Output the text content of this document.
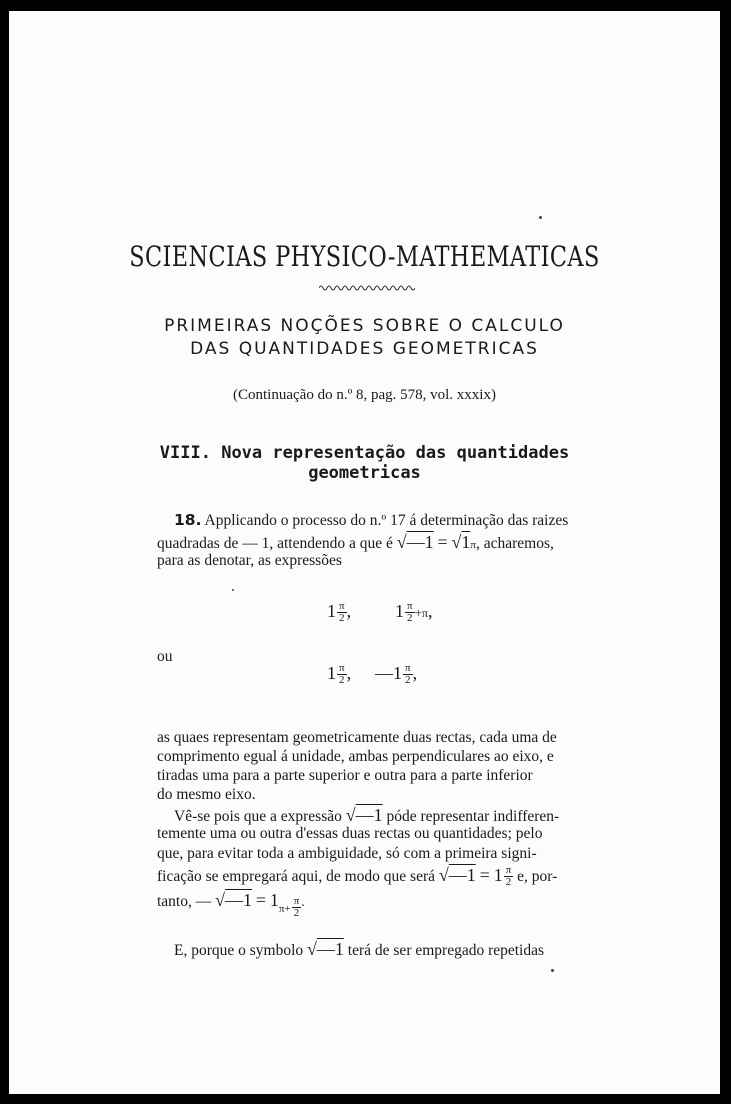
SCIENCIAS PHYSICO-MATHEMATICAS
PRIMEIRAS NOÇÕES SOBRE O CALCULO
DAS QUANTIDADES GEOMETRICAS
(Continuação do n.º 8, pag. 578, vol. xxxix)
VIII. Nova representação das quantidades
geometricas
18. Applicando o processo do n.º 17 á determinação das raizes
quadradas de — 1, attendendo a que é √—1 = √1π, acharemos,
para as denotar, as expressões
$1 \frac{\pi}{2}$ , $1 \frac{\pi}{2} +\pi$,
ou
$1 \frac{\pi}{2}$ , —1 $\frac{\pi}{2}$ ,
as quaes representam geometricamente duas rectas, cada uma de
comprimento egual á unidade, ambas perpendiculares ao eixo, e
tiradas uma para a parte superior e outra para a parte inferior
do mesmo eixo.
Vê-se pois que a expressão √—1 póde representar indifferen-
temente uma ou outra d'essas duas rectas ou quantidades; pelo
que, para evitar toda a ambiguidade, só com a primeira signi-
ficação se empregará aqui, de modo que será √—1 = $1 \frac{\pi}{2} e$, por-
tanto, — √—1 = $1_{\pi+} \frac{\pi}{2}$ .
E, porque o symbolo √—1 terá de ser empregado repetidas
